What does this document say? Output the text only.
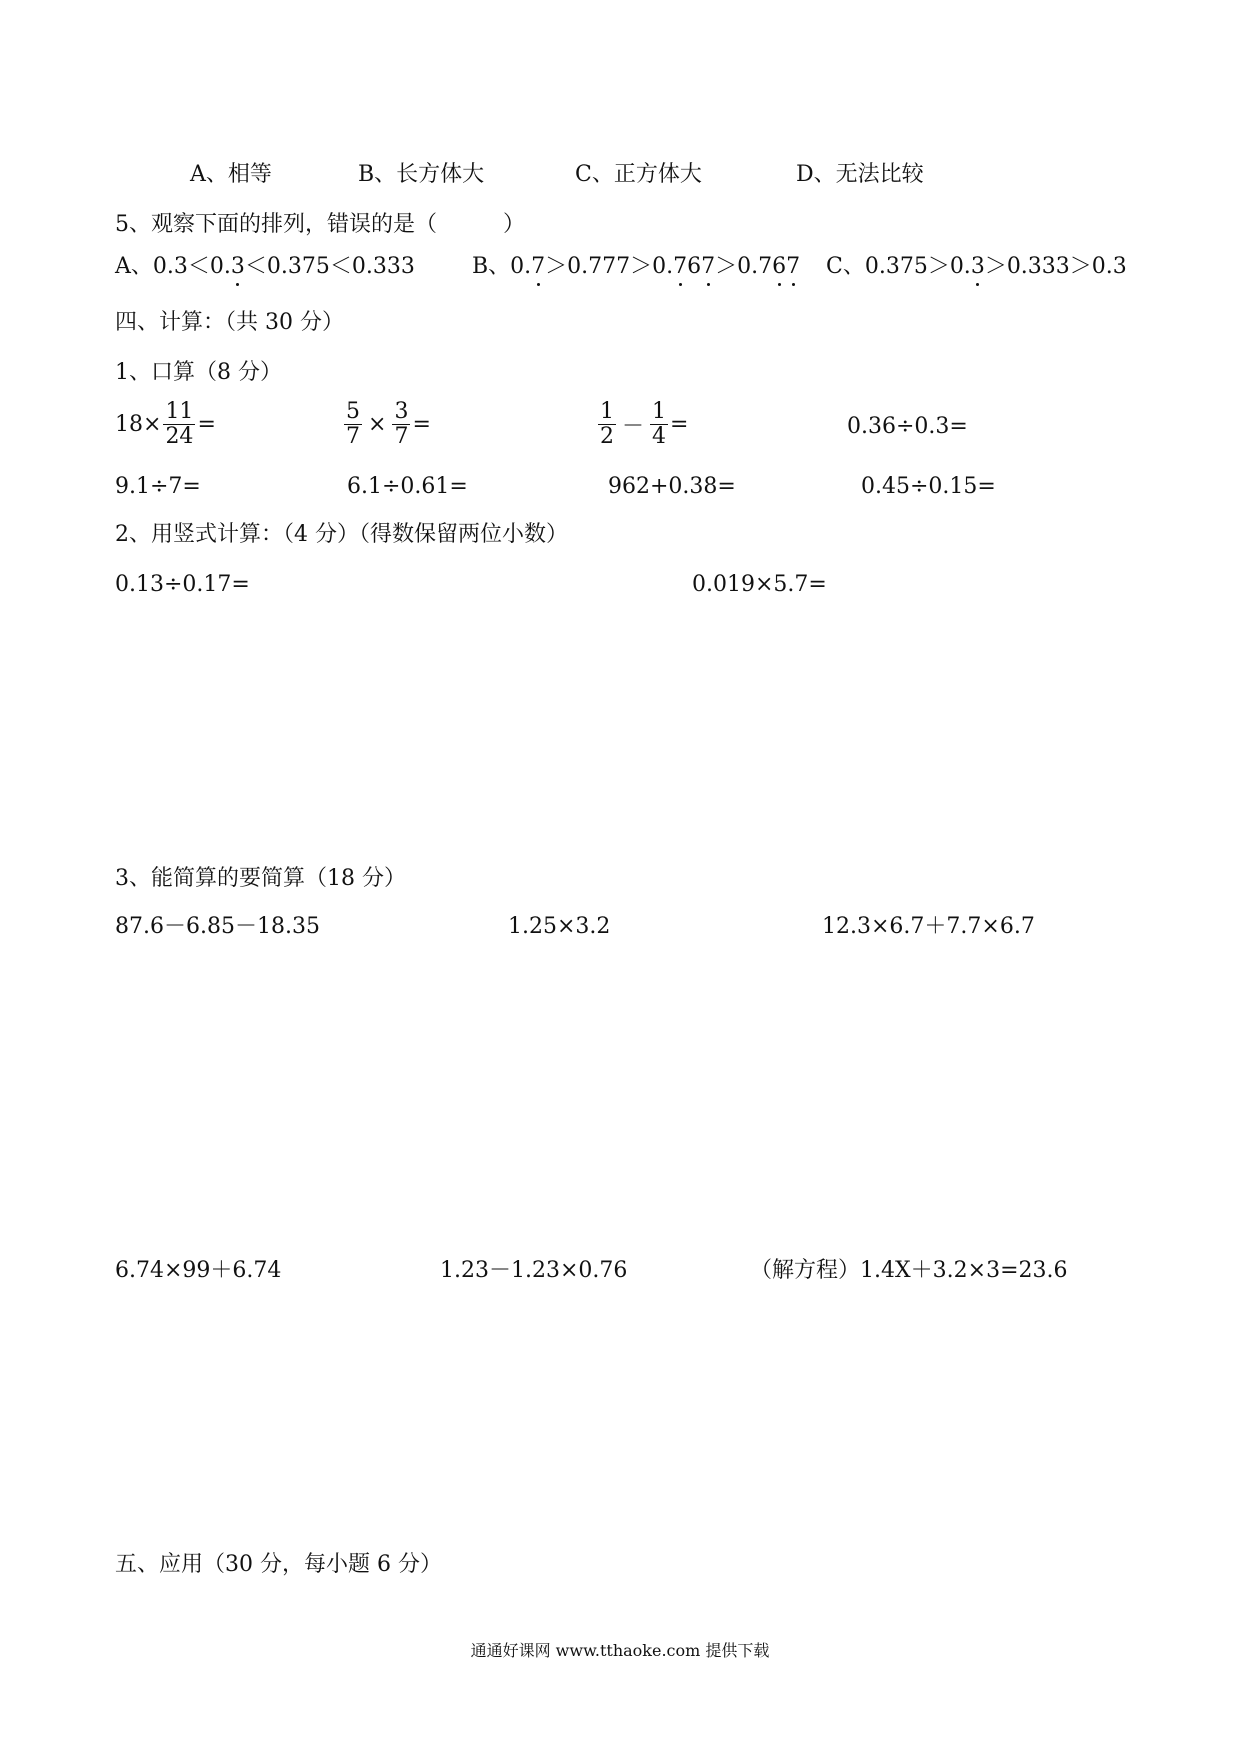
A、相等	B、长方体大	C、正方体大	D、无法比较
5、观察下面的排列，错误的是（　　　）
A、0.3＜0.3＜0.375＜0.333	B、0.7＞0.777＞0.767＞0.767 C、0.375＞0.3＞0.333＞0.3
四、计算：（共 30 分）
1、口算（8 分）
$18\times \frac{11}{24}$ =	$\frac{5}{7} \times \frac{3}{7}$ =	$\frac{1}{2} - \frac{1}{4}$ =	0.36÷0.3=
9.1÷7=	6.1÷0.61=	962+0.38=	0.45÷0.15=
2、用竖式计算：（4 分）（得数保留两位小数）
0.13÷0.17=	0.019×5.7=
3、能简算的要简算（18 分）
87.6－6.85－18.35	1.25×3.2	12.3×6.7＋7.7×6.7
6.74×99＋6.74	1.23－1.23×0.76	（解方程）1.4X＋3.2×3=23.6
五、应用（30 分，每小题 6 分）
通通好课网 www.tthaoke.com 提供下载
